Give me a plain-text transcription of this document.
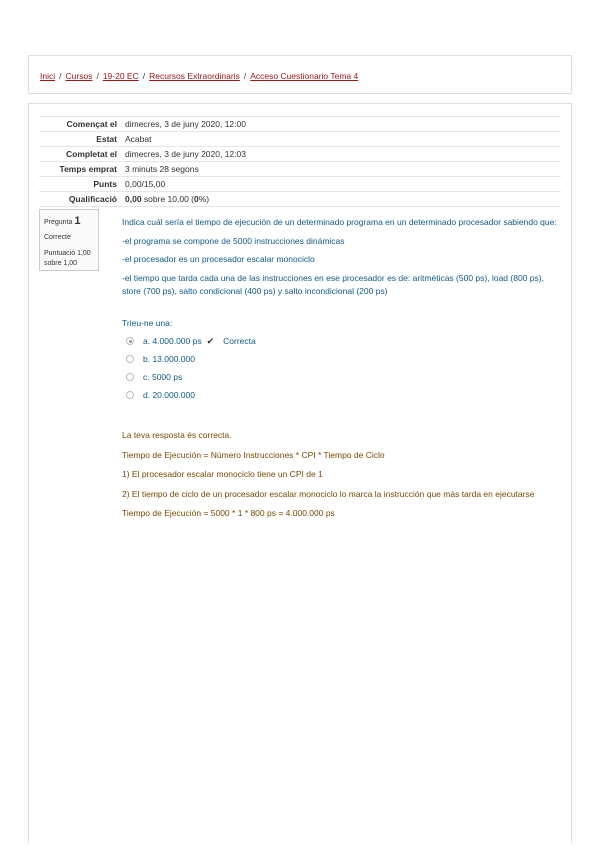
Inici / Cursos / 19-20 EC / Recursos Extraordinaris / Acceso Cuestionario Tema 4
Començat el	dimecres, 3 de juny 2020, 12:00
Estat	Acabat
Completat el	dimecres, 3 de juny 2020, 12:03
Temps emprat	3 minuts 28 segons
Punts	0,00/15,00
Qualificació	0,00 sobre 10,00 (0%)
Pregunta 1
Correcte
Puntuació 1,00 sobre 1,00

Indica cuál sería el tiempo de ejecución de un determinado programa en un determinado procesador sabiendo que:

-el programa se compone de 5000 instrucciones dinámicas

-el procesador es un procesador escalar monociclo

-el tiempo que tarda cada una de las instrucciones en ese procesador es de: aritméticas (500 ps), load (800 ps), store (700 ps), salto condicional (400 ps) y salto incondicional (200 ps)

Trieu-ne una:
a. 4.000.000 ps ✔ Correcta
b. 13.000.000
c. 5000 ps
d. 20.000.000

La teva resposta és correcta.

Tiempo de Ejecución = Número Instrucciones * CPI * Tiempo de Ciclo

1) El procesador escalar monociclo tiene un CPI de 1

2) El tiempo de ciclo de un procesador escalar monociclo lo marca la instrucción que más tarda en ejecutarse

Tiempo de Ejecución = 5000 * 1 * 800 ps = 4.000.000 ps
